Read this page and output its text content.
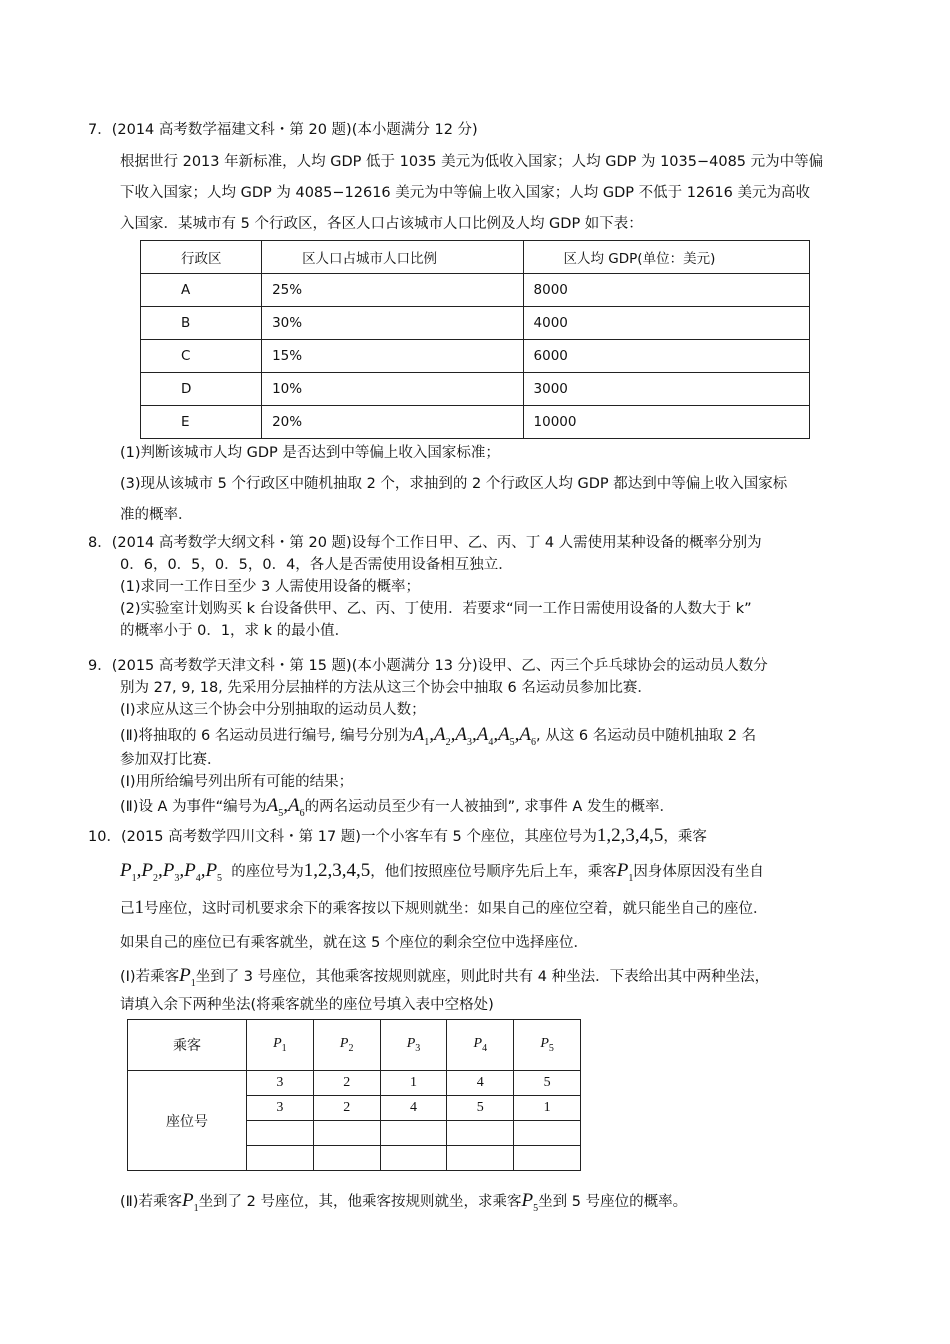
7．(2014 高考数学福建文科・第 20 题)(本小题满分 12 分)
根据世行 2013 年新标准，人均 GDP 低于 1035 美元为低收入国家；人均 GDP 为 1035−4085 元为中等偏
下收入国家；人均 GDP 为 4085−12616 美元为中等偏上收入国家；人均 GDP 不低于 12616 美元为高收
入国家．某城市有 5 个行政区，各区人口占该城市人口比例及人均 GDP 如下表：
行政区	区人口占城市人口比例	区人均 GDP(单位：美元)
A	25%	8000
B	30%	4000
C	15%	6000
D	10%	3000
E	20%	10000
(1)判断该城市人均 GDP 是否达到中等偏上收入国家标准；
(3)现从该城市 5 个行政区中随机抽取 2 个，求抽到的 2 个行政区人均 GDP 都达到中等偏上收入国家标
准的概率．
8．(2014 高考数学大纲文科・第 20 题)设每个工作日甲、乙、丙、丁 4 人需使用某种设备的概率分别为
0．6，0．5，0．5，0．4，各人是否需使用设备相互独立．
(1)求同一工作日至少 3 人需使用设备的概率；
(2)实验室计划购买 k 台设备供甲、乙、丙、丁使用．若要求“同一工作日需使用设备的人数大于 k”
的概率小于 0．1，求 k 的最小值．
9．(2015 高考数学天津文科・第 15 题)(本小题满分 13 分)设甲、乙、丙三个乒乓球协会的运动员人数分
别为 27, 9, 18, 先采用分层抽样的方法从这三个协会中抽取 6 名运动员参加比赛．
(Ⅰ)求应从这三个协会中分别抽取的运动员人数；
(Ⅱ)将抽取的 6 名运动员进行编号, 编号分别为$A_1,A_2,A_3,A_4,A_5,A_6$, 从这 6 名运动员中随机抽取 2 名
参加双打比赛．
(Ⅰ)用所给编号列出所有可能的结果；
(Ⅱ)设 A 为事件“编号为$A_5,A_6$的两名运动员至少有一人被抽到”, 求事件 A 发生的概率．
10．(2015 高考数学四川文科・第 17 题)一个小客车有 5 个座位，其座位号为1,2,3,4,5，乘客
$P_1,P_2,P_3,P_4,P_5$ 的座位号为1,2,3,4,5，他们按照座位号顺序先后上车，乘客$P_1$因身体原因没有坐自
己1号座位，这时司机要求余下的乘客按以下规则就坐：如果自己的座位空着，就只能坐自己的座位．
如果自己的座位已有乘客就坐，就在这 5 个座位的剩余空位中选择座位．
(Ⅰ)若乘客$P_1$坐到了 3 号座位，其他乘客按规则就座，则此时共有 4 种坐法．下表给出其中两种坐法，
请填入余下两种坐法(将乘客就坐的座位号填入表中空格处)
乘客	$P_1$	$P_2$	$P_3$	$P_4$	$P_5$
座位号	3	2	1	4	5
	3	2	4	5	1

(Ⅱ)若乘客$P_1$坐到了 2 号座位，其，他乘客按规则就坐，求乘客$P_5$坐到 5 号座位的概率。
